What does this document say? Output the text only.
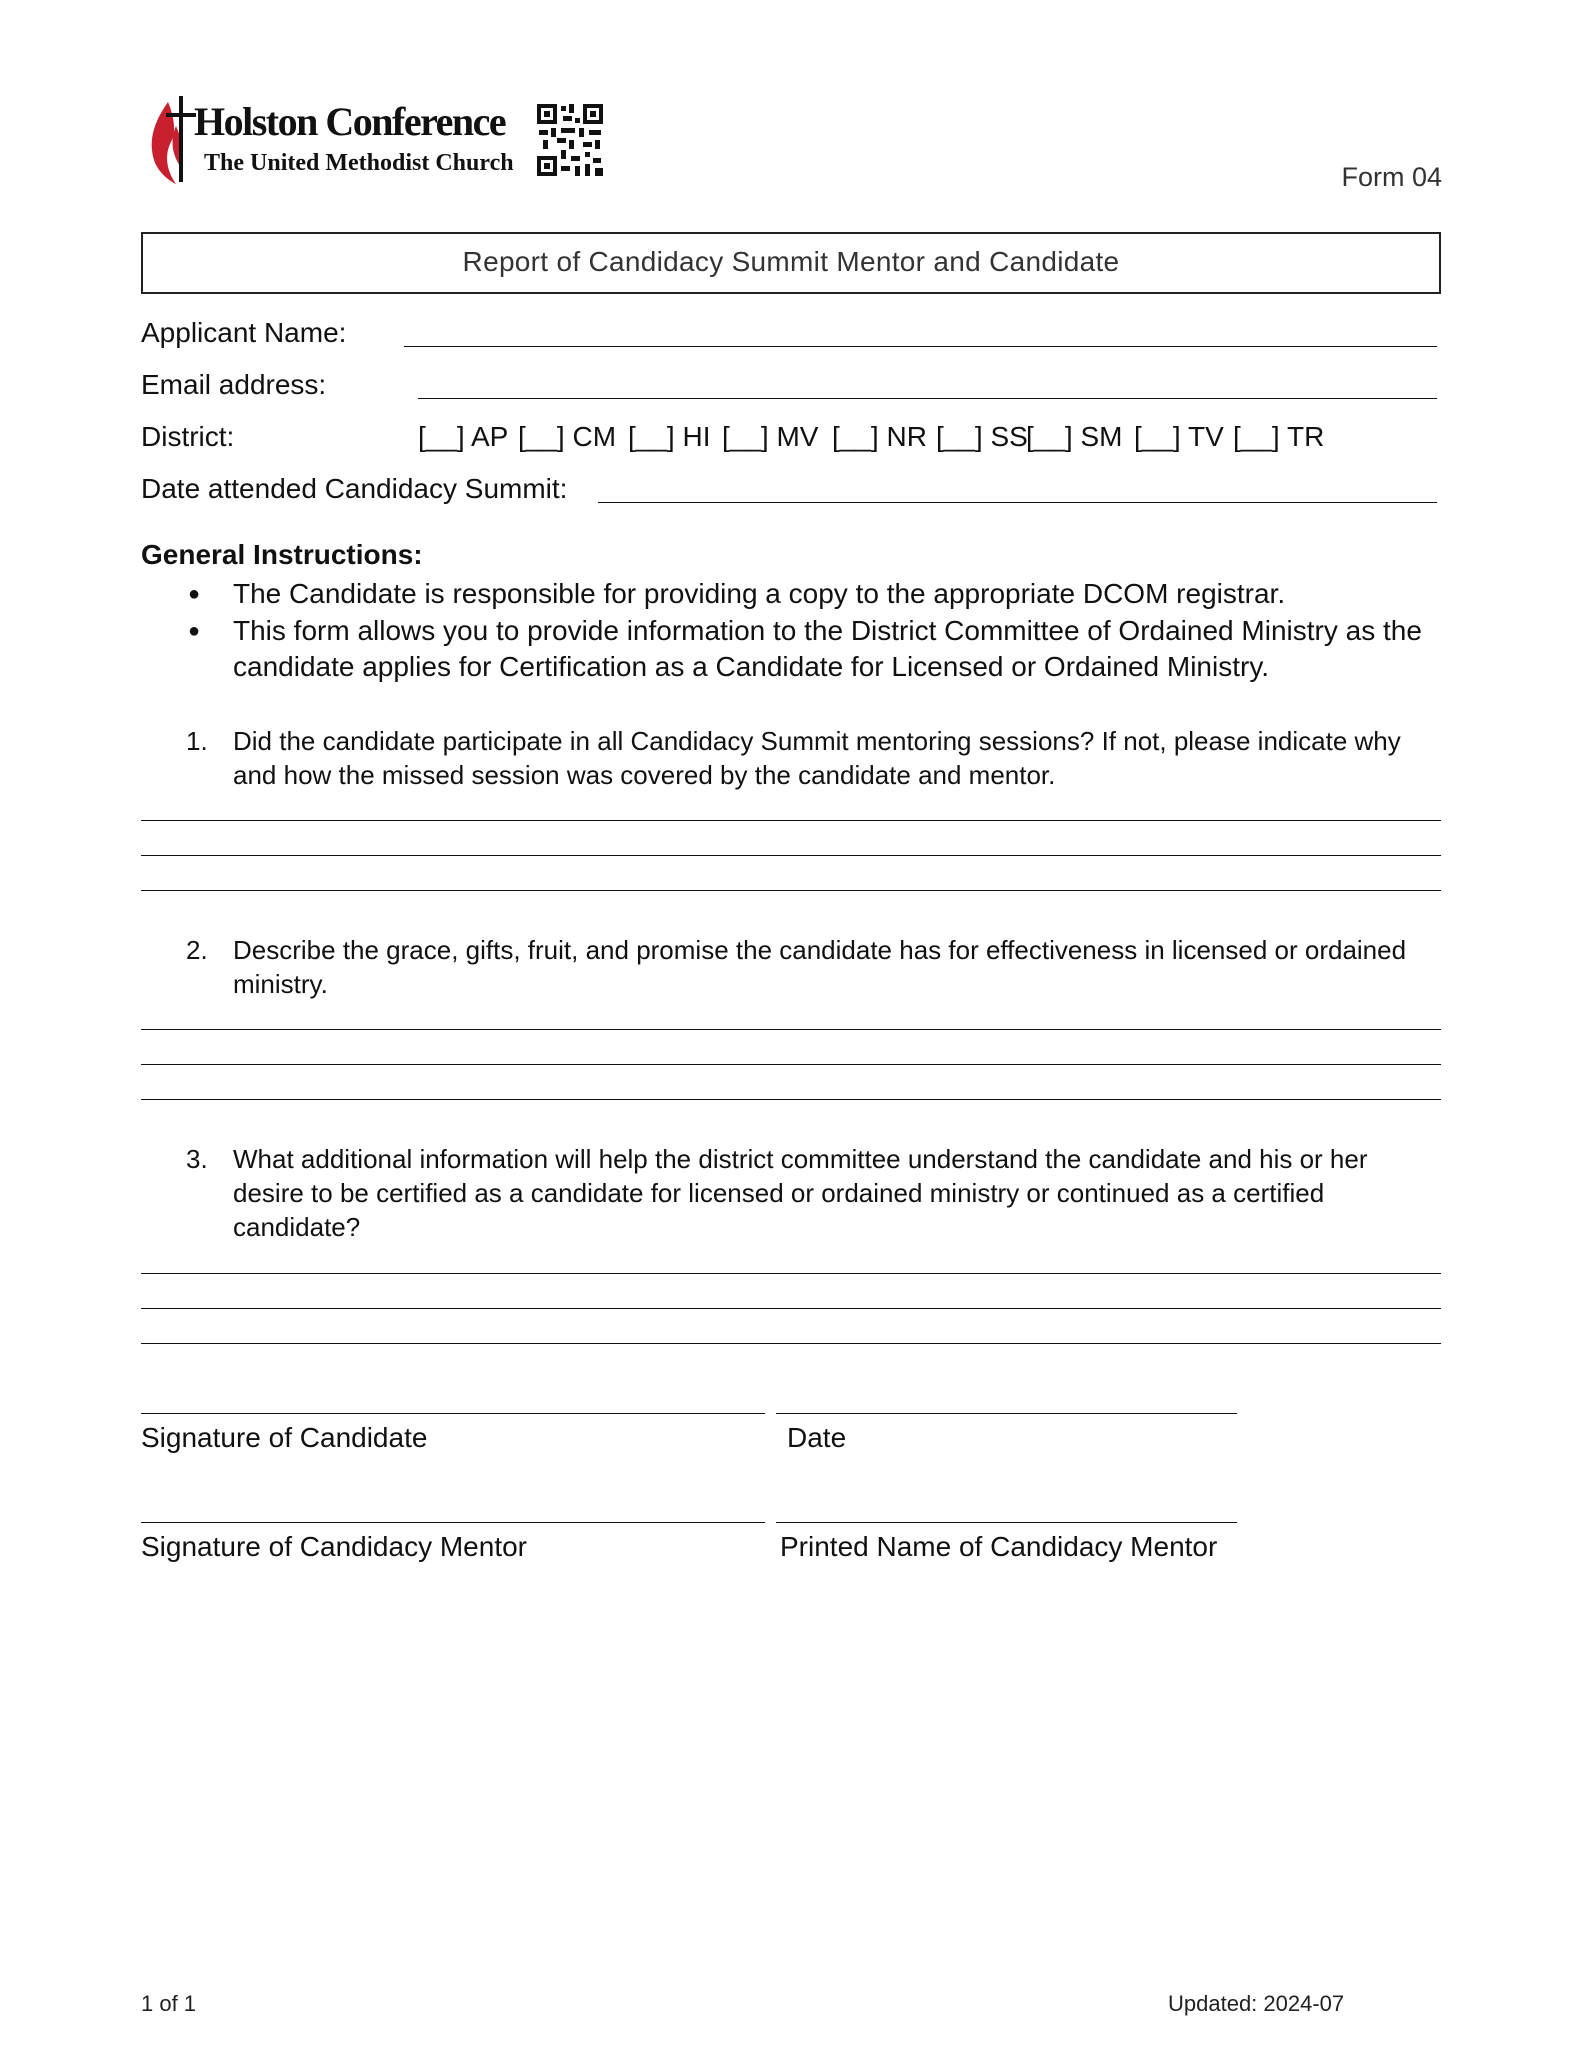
Holston Conference
The United Methodist Church	Form 04
Report of Candidacy Summit Mentor and Candidate
Applicant Name:
Email address:
District:	[__] AP [__] CM [__] HI [__] MV [__] NR [__] SS
[__] SM [__] TV [__] TR
Date attended Candidacy Summit:
General Instructions:
● The Candidate is responsible for providing a copy to the appropriate DCOM registrar.
● This form allows you to provide information to the District Committee of Ordained Ministry as the
candidate applies for Certification as a Candidate for Licensed or Ordained Ministry.
1. Did the candidate participate in all Candidacy Summit mentoring sessions? If not, please indicate why
and how the missed session was covered by the candidate and mentor.
2. Describe the grace, gifts, fruit, and promise the candidate has for effectiveness in licensed or ordained
ministry.
3. What additional information will help the district committee understand the candidate and his or her
desire to be certified as a candidate for licensed or ordained ministry or continued as a certified
candidate?
Signature of Candidate	Date
Signature of Candidacy Mentor	Printed Name of Candidacy Mentor
1 of 1	Updated: 2024-07
